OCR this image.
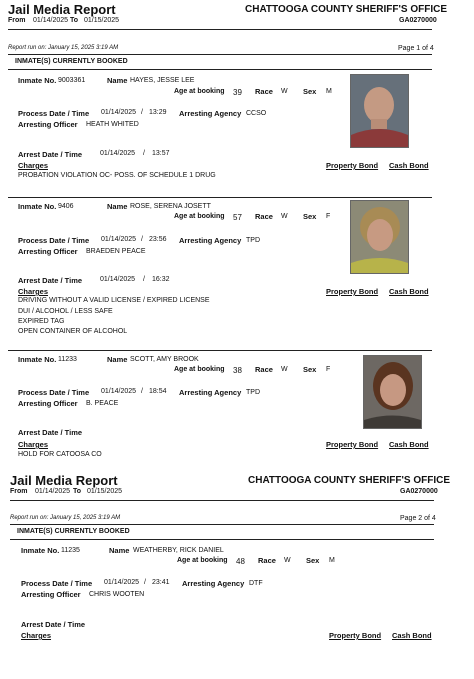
Jail Media Report
From 01/14/2025 To 01/15/2025
CHATTOOGA COUNTY SHERIFF'S OFFICE
GA0270000
Report run on: January 15, 2025 3:19 AM	Page 1 of 4
INMATE(S) CURRENTLY BOOKED
Inmate No. 9003361	Name HAYES, JESSE LEE
Age at booking 39 Race W Sex M
Process Date / Time 01/14/2025 / 13:29 Arresting Agency CCSO
Arresting Officer HEATH WHITED
Arrest Date / Time	01/14/2025 / 13:57
Charges	Property Bond Cash Bond
PROBATION VIOLATION OC- POSS. OF SCHEDULE 1 DRUG
Inmate No. 9406	Name ROSE, SERENA JOSETT
Age at booking 57 Race W Sex F
Process Date / Time 01/14/2025 / 23:56 Arresting Agency TPD
Arresting Officer BRAEDEN PEACE
Arrest Date / Time	01/14/2025 / 16:32
Charges	Property Bond Cash Bond
DRIVING WITHOUT A VALID LICENSE / EXPIRED LICENSE
DUI / ALCOHOL / LESS SAFE
EXPIRED TAG
OPEN CONTAINER OF ALCOHOL
Inmate No. 11233	Name SCOTT, AMY BROOK
Age at booking 38 Race W Sex F
Process Date / Time 01/14/2025 / 18:54 Arresting Agency TPD
Arresting Officer B. PEACE
Arrest Date / Time
Charges	Property Bond Cash Bond
HOLD FOR CATOOSA CO
Jail Media Report
From 01/14/2025 To 01/15/2025
CHATTOOGA COUNTY SHERIFF'S OFFICE
GA0270000
Report run on: January 15, 2025 3:19 AM	Page 2 of 4
INMATE(S) CURRENTLY BOOKED
Inmate No. 11235	Name WEATHERBY, RICK DANIEL
Age at booking 48 Race W Sex M
Process Date / Time 01/14/2025 / 23:41 Arresting Agency DTF
Arresting Officer CHRIS WOOTEN
Arrest Date / Time
Charges	Property Bond Cash Bond
